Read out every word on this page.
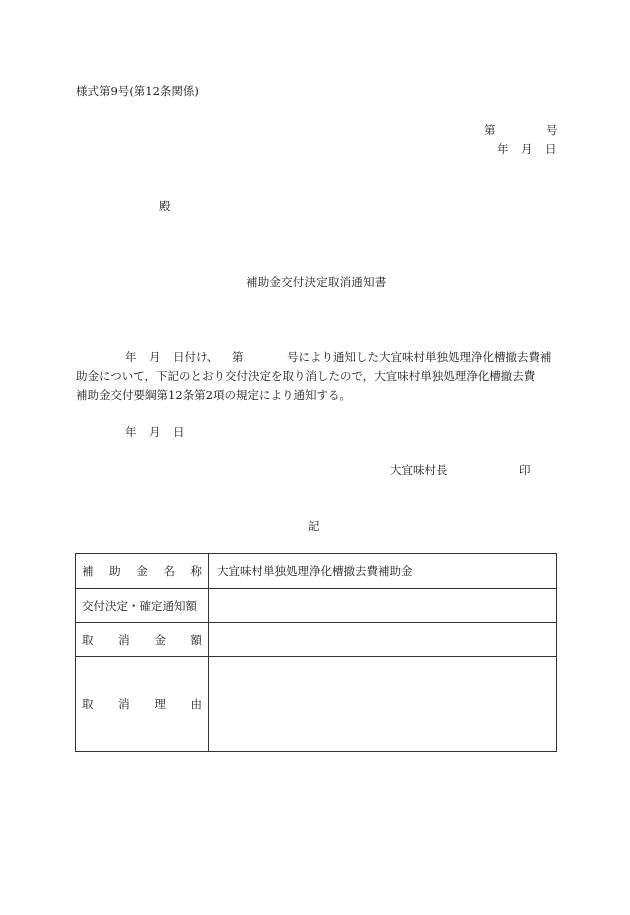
様式第9号(第12条関係)
第	号
年 月 日
殿
補助金交付決定取消通知書
年 月 日付け、 第	号により通知した大宜味村単独処理浄化槽撤去費補
助金について，下記のとおり交付決定を取り消したので，大宜味村単独処理浄化槽撤去費
補助金交付要綱第12条第2項の規定により通知する。
年 月 日
大宜味村長	印
記
補 助 金 名 称	大宜味村単独処理浄化槽撤去費補助金

交付決定・確定通知額	

取 消 金 額	

取 消 理 由	
